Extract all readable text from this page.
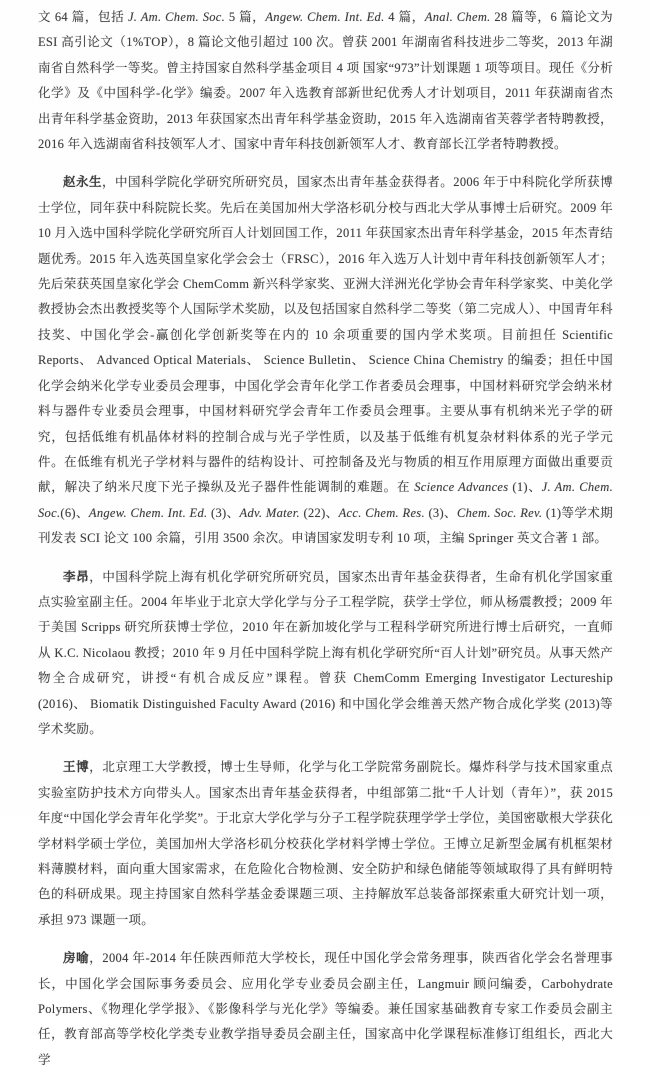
文 64 篇，包括 J. Am. Chem. Soc. 5 篇，Angew. Chem. Int. Ed. 4 篇，Anal. Chem. 28 篇等，6 篇论文为 ESI 高引论文（1%TOP），8 篇论文他引超过 100 次。曾获 2001 年湖南省科技进步二等奖，2013 年湖南省自然科学一等奖。曾主持国家自然科学基金项目 4 项 国家“973”计划课题 1 项等项目。现任《分析化学》及《中国科学-化学》编委。2007 年入选教育部新世纪优秀人才计划项目，2011 年获湖南省杰出青年科学基金资助，2013 年获国家杰出青年科学基金资助，2015 年入选湖南省芙蓉学者特聘教授， 2016 年入选湖南省科技领军人才、国家中青年科技创新领军人才、教育部长江学者特聘教授。

赵永生，中国科学院化学研究所研究员，国家杰出青年基金获得者。2006 年于中科院化学所获博士学位，同年获中科院院长奖。先后在美国加州大学洛杉矶分校与西北大学从事博士后研究。2009 年 10 月入选中国科学院化学研究所百人计划回国工作，2011 年获国家杰出青年科学基金，2015 年杰青结题优秀。2015 年入选英国皇家化学会会士（FRSC），2016 年入选万人计划中青年科技创新领军人才；先后荣获英国皇家化学会 ChemComm 新兴科学家奖、亚洲大洋洲光化学协会青年科学家奖、中美化学教授协会杰出教授奖等个人国际学术奖励，以及包括国家自然科学二等奖（第二完成人）、中国青年科技奖、中国化学会-赢创化学创新奖等在内的 10 余项重要的国内学术奖项。目前担任 Scientific Reports、 Advanced Optical Materials、 Science Bulletin、 Science China Chemistry 的编委；担任中国化学会纳米化学专业委员会理事，中国化学会青年化学工作者委员会理事，中国材料研究学会纳米材料与器件专业委员会理事，中国材料研究学会青年工作委员会理事。主要从事有机纳米光子学的研究，包括低维有机晶体材料的控制合成与光子学性质，以及基于低维有机复杂材料体系的光子学元件。在低维有机光子学材料与器件的结构设计、可控制备及光与物质的相互作用原理方面做出重要贡献，解决了纳米尺度下光子操纵及光子器件性能调制的难题。在 Science Advances (1)、J. Am. Chem. Soc.(6)、Angew. Chem. Int. Ed. (3)、Adv. Mater. (22)、Acc. Chem. Res. (3)、Chem. Soc. Rev. (1)等学术期刊发表 SCI 论文 100 余篇，引用 3500 余次。申请国家发明专利 10 项，主编 Springer 英文合著 1 部。

李昂，中国科学院上海有机化学研究所研究员，国家杰出青年基金获得者，生命有机化学国家重点实验室副主任。2004 年毕业于北京大学化学与分子工程学院，获学士学位，师从杨震教授；2009 年于美国 Scripps 研究所获博士学位，2010 年在新加坡化学与工程科学研究所进行博士后研究，一直师从 K.C. Nicolaou 教授；2010 年 9 月任中国科学院上海有机化学研究所“百人计划”研究员。从事天然产物全合成研究，讲授“有机合成反应”课程。曾获 ChemComm Emerging Investigator Lectureship (2016)、 Biomatik Distinguished Faculty Award (2016) 和中国化学会维善天然产物合成化学奖 (2013)等学术奖励。

王博，北京理工大学教授，博士生导师，化学与化工学院常务副院长。爆炸科学与技术国家重点实验室防护技术方向带头人。国家杰出青年基金获得者，中组部第二批“千人计划（青年）”，获 2015 年度“中国化学会青年化学奖”。于北京大学化学与分子工程学院获理学学士学位，美国密歇根大学获化学材料学硕士学位，美国加州大学洛杉矶分校获化学材料学博士学位。王博立足新型金属有机框架材料薄膜材料，面向重大国家需求，在危险化合物检测、安全防护和绿色储能等领域取得了具有鲜明特色的科研成果。现主持国家自然科学基金委课题三项、主持解放军总装备部探索重大研究计划一项，承担 973 课题一项。

房喻，2004 年-2014 年任陕西师范大学校长，现任中国化学会常务理事，陕西省化学会名誉理事长，中国化学会国际事务委员会、应用化学专业委员会副主任，Langmuir 顾问编委，Carbohydrate Polymers、《物理化学学报》、《影像科学与光化学》等编委。兼任国家基础教育专家工作委员会副主任，教育部高等学校化学类专业教学指导委员会副主任，国家高中化学课程标准修订组组长，西北大学
